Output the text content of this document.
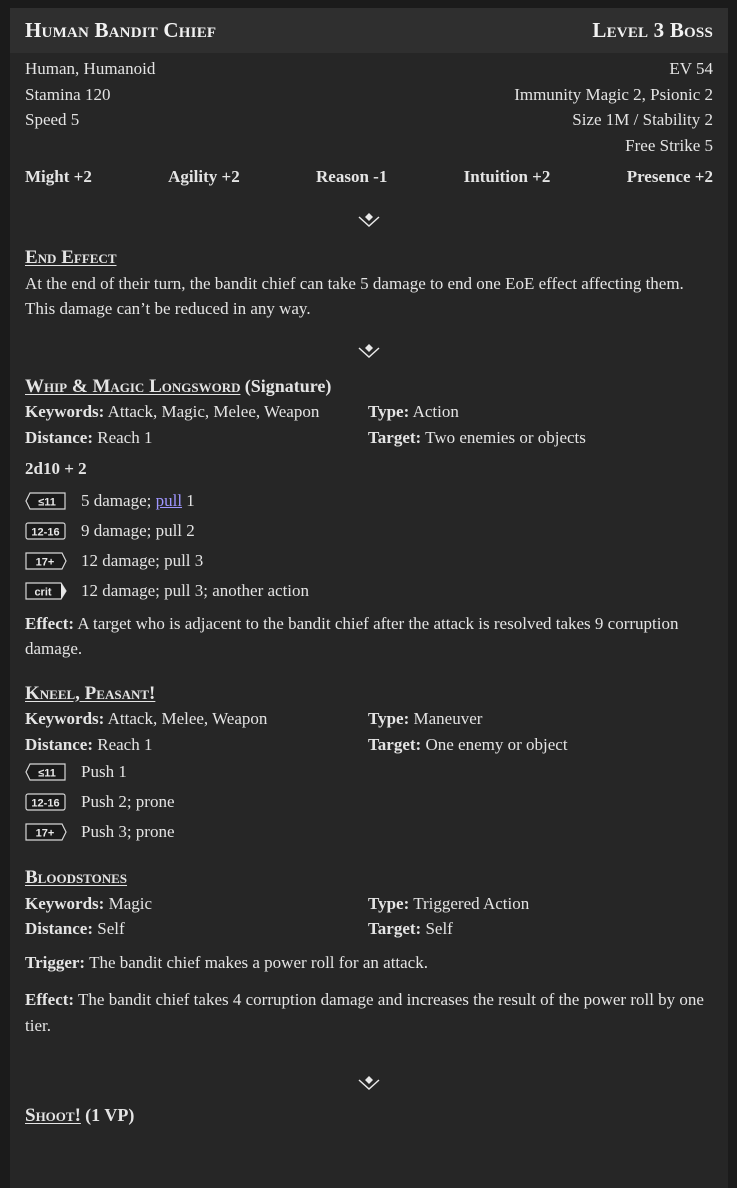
Human Bandit Chief	Level 3 Boss
Human, Humanoid	EV 54
Stamina 120	Immunity Magic 2, Psionic 2
Speed 5	Size 1M / Stability 2
Free Strike 5
Might +2	Agility +2	Reason -1	Intuition +2	Presence +2
End Effect
At the end of their turn, the bandit chief can take 5 damage to end one EoE effect affecting them. This damage can’t be reduced in any way.
Whip & Magic Longsword (Signature)
Keywords: Attack, Magic, Melee, Weapon	Type: Action
Distance: Reach 1	Target: Two enemies or objects
2d10 + 2
≤11 5 damage; pull 1
12-16 9 damage; pull 2
17+ 12 damage; pull 3
crit 12 damage; pull 3; another action
Effect: A target who is adjacent to the bandit chief after the attack is resolved takes 9 corruption damage.
Kneel, Peasant!
Keywords: Attack, Melee, Weapon	Type: Maneuver
Distance: Reach 1	Target: One enemy or object
≤11 Push 1
12-16 Push 2; prone
17+ Push 3; prone
Bloodstones
Keywords: Magic	Type: Triggered Action
Distance: Self	Target: Self
Trigger: The bandit chief makes a power roll for an attack.
Effect: The bandit chief takes 4 corruption damage and increases the result of the power roll by one tier.
Shoot! (1 VP)
